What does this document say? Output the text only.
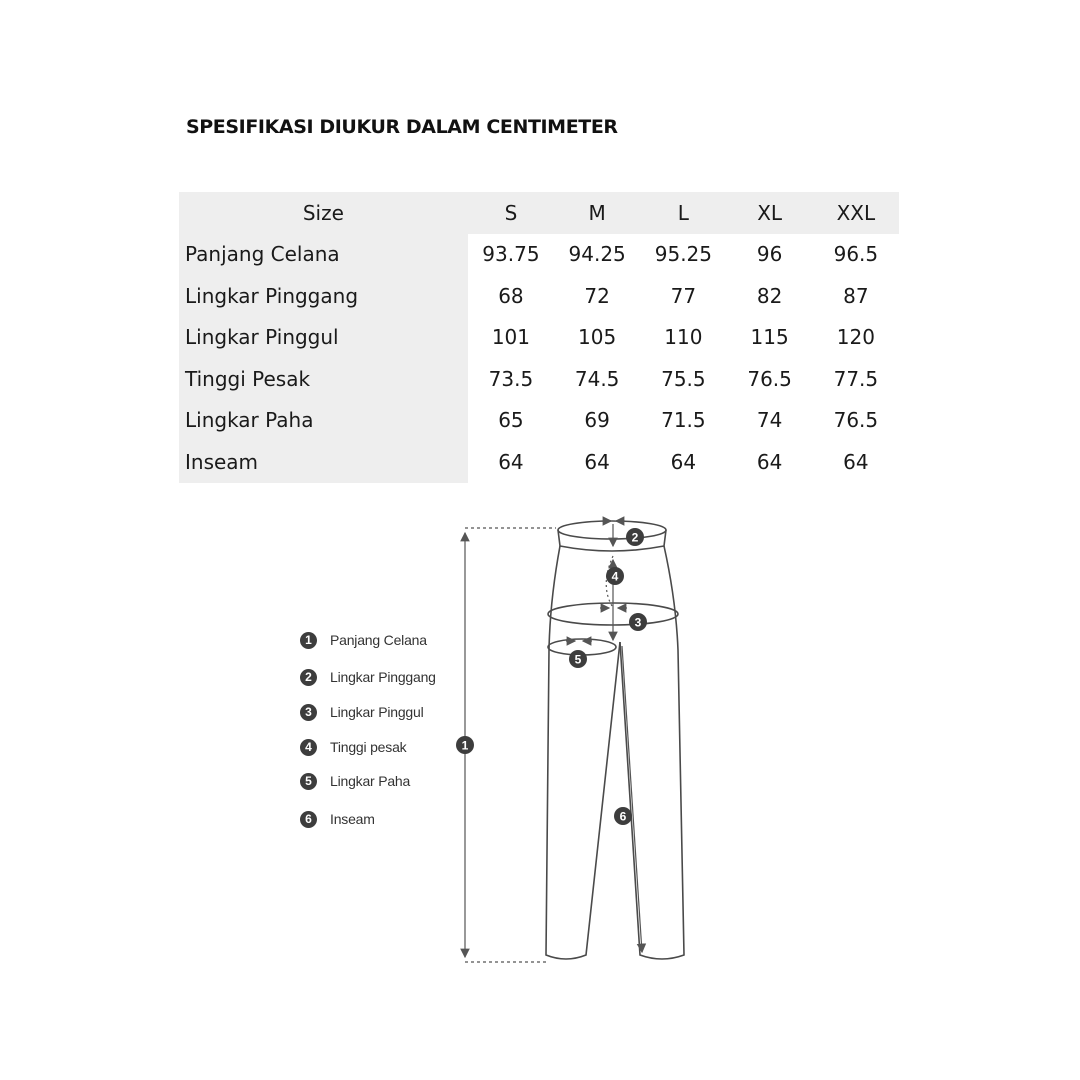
SPESIFIKASI DIUKUR DALAM CENTIMETER
Size	S	M	L	XL	XXL
Panjang Celana	93.75	94.25	95.25	96	96.5
Lingkar Pinggang	68	72	77	82	87
Lingkar Pinggul	101	105	110	115	120
Tinggi Pesak	73.5	74.5	75.5	76.5	77.5
Lingkar Paha	65	69	71.5	74	76.5
Inseam	64	64	64	64	64
1
2
3
4
5
6
1	Panjang Celana
2	Lingkar Pinggang
3	Lingkar Pinggul
4	Tinggi pesak
5	Lingkar Paha
6	Inseam
